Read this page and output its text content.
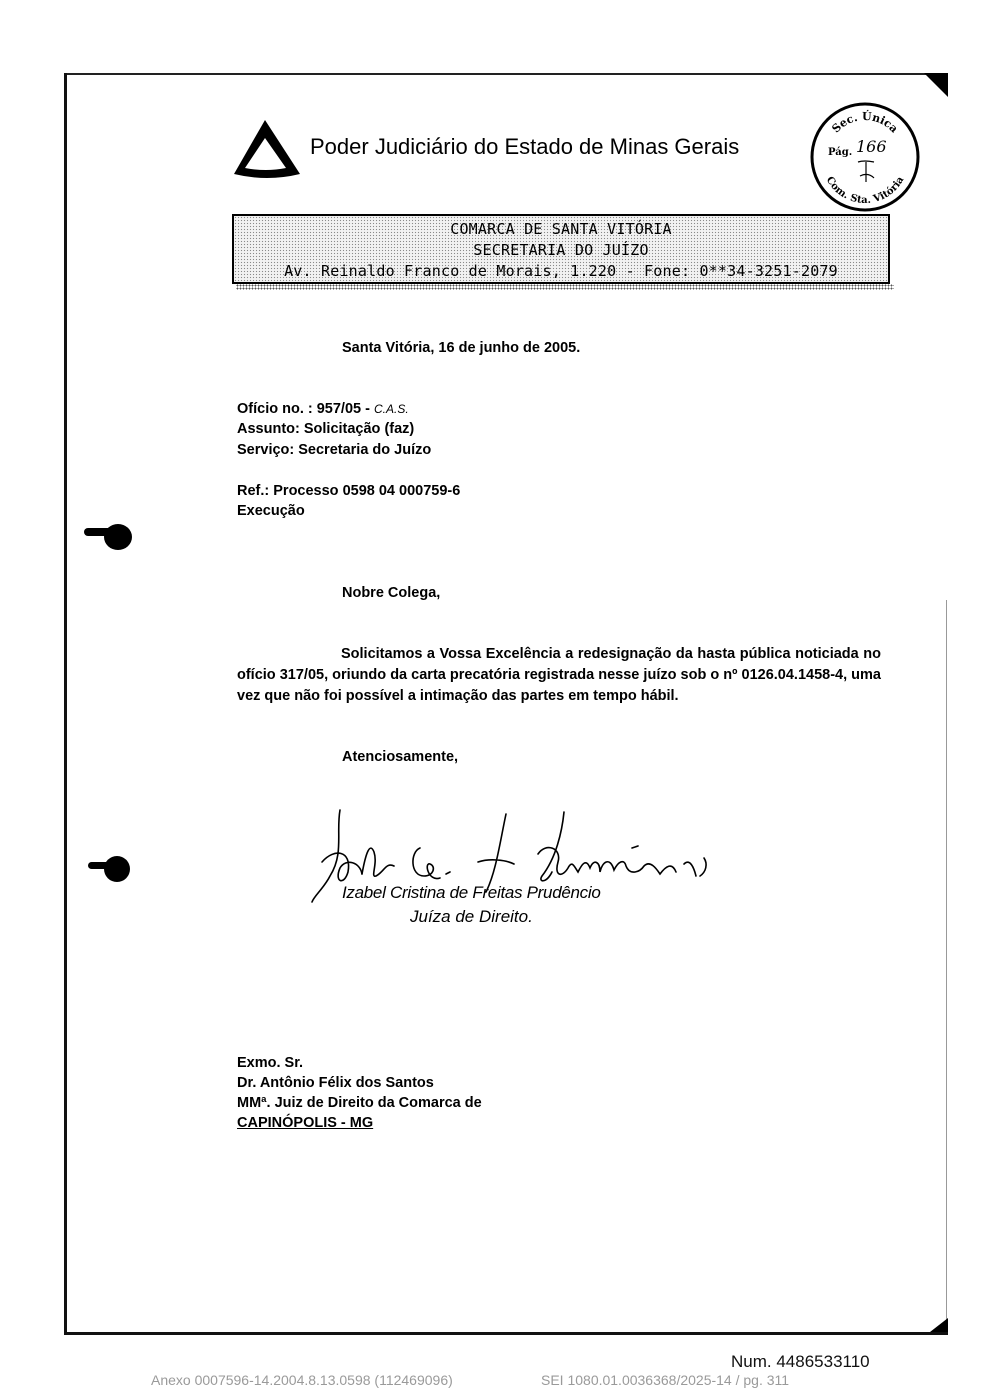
Poder Judiciário do Estado de Minas Gerais
Sec. Única
Com. Sta. Vitória
Pág. 166
COMARCA DE SANTA VITÓRIA
SECRETARIA DO JUÍZO
Av. Reinaldo Franco de Morais, 1.220 - Fone: 0**34-3251-2079
Santa Vitória, 16 de junho de 2005.
Ofício no. : 957/05 - C.A.S.
Assunto: Solicitação (faz)
Serviço: Secretaria do Juízo
Ref.: Processo 0598 04 000759-6
Execução
Nobre Colega,
Solicitamos a Vossa Excelência a redesignação da hasta pública noticiada no ofício 317/05, oriundo da carta precatória registrada nesse juízo sob o nº 0126.04.1458-4, uma vez que não foi possível a intimação das partes em tempo hábil.
Atenciosamente,
Izabel Cristina de Freitas Prudêncio
Juíza de Direito.
Exmo. Sr.
Dr. Antônio Félix dos Santos
MMª. Juiz de Direito da Comarca de
CAPINÓPOLIS - MG
Num. 4486533110
Anexo 0007596-14.2004.8.13.0598 (112469096)	SEI 1080.01.0036368/2025-14 / pg. 311
